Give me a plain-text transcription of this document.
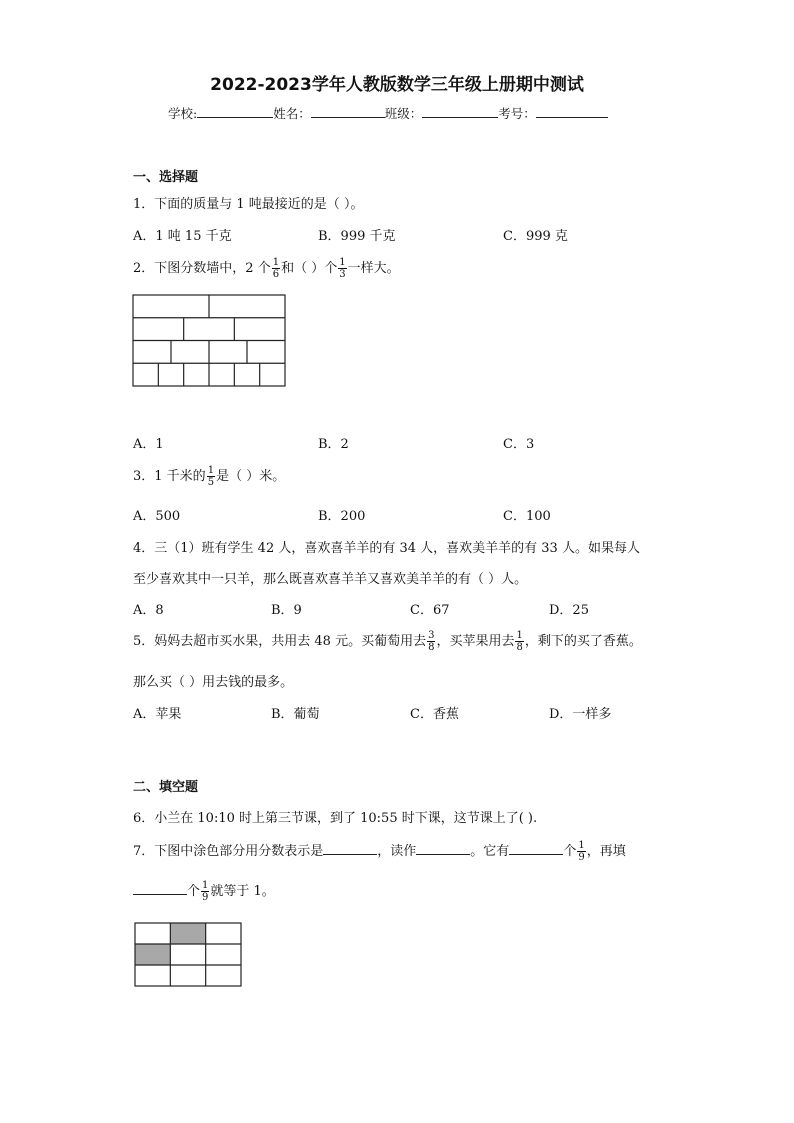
2022-2023学年人教版数学三年级上册期中测试
学校:	姓名：	班级：	考号：
一、选择题
1．下面的质量与 1 吨最接近的是（ ）。
A．1 吨 15 千克	B．999 千克	C．999 克
2．下图分数墙中，2 个 $\frac{1}{6}$ 和（ ）个 $\frac{1}{3}$ 一样大。
A．1	B．2	C．3
3．1 千米的 $\frac{1}{5}$ 是（ ）米。
A．500	B．200	C．100
4．三（1）班有学生 42 人，喜欢喜羊羊的有 34 人，喜欢美羊羊的有 33 人。如果每人
至少喜欢其中一只羊，那么既喜欢喜羊羊又喜欢美羊羊的有（ ）人。
A．8	B．9	C．67	D．25
5．妈妈去超市买水果，共用去 48 元。买葡萄用去 $\frac{3}{8}$ ，买苹果用去 $\frac{1}{8}$ ，剩下的买了香蕉。
那么买（ ）用去钱的最多。
A．苹果	B．葡萄	C．香蕉	D．一样多
二、填空题
6．小兰在 10:10 时上第三节课，到了 10:55 时下课，这节课上了( ).
7．下图中涂色部分用分数表示是	，读作	。它有	个 $\frac{1}{9}$ ，再填
个 $\frac{1}{9}$ 就等于 1。
